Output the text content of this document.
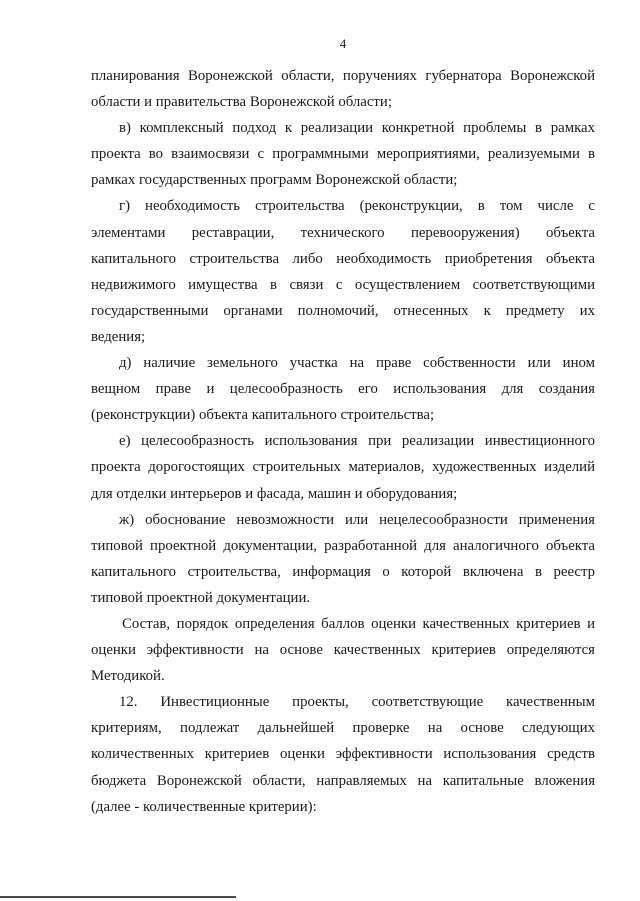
4
планирования Воронежской области, поручениях губернатора Воронежской
области и правительства Воронежской области;
в) комплексный подход к реализации конкретной проблемы в рамках
проекта во взаимосвязи с программными мероприятиями, реализуемыми в
рамках государственных программ Воронежской области;
г) необходимость строительства (реконструкции, в том числе с
элементами реставрации, технического перевооружения) объекта
капитального строительства либо необходимость приобретения объекта
недвижимого имущества в связи с осуществлением соответствующими
государственными органами полномочий, отнесенных к предмету их
ведения;
д) наличие земельного участка на праве собственности или ином
вещном праве и целесообразность его использования для создания
(реконструкции) объекта капитального строительства;
е) целесообразность использования при реализации инвестиционного
проекта дорогостоящих строительных материалов, художественных изделий
для отделки интерьеров и фасада, машин и оборудования;
ж) обоснование невозможности или нецелесообразности применения
типовой проектной документации, разработанной для аналогичного объекта
капитального строительства, информация о которой включена в реестр
типовой проектной документации.
Состав, порядок определения баллов оценки качественных критериев и
оценки эффективности на основе качественных критериев определяются
Методикой.
12. Инвестиционные проекты, соответствующие качественным
критериям, подлежат дальнейшей проверке на основе следующих
количественных критериев оценки эффективности использования средств
бюджета Воронежской области, направляемых на капитальные вложения
(далее - количественные критерии):
